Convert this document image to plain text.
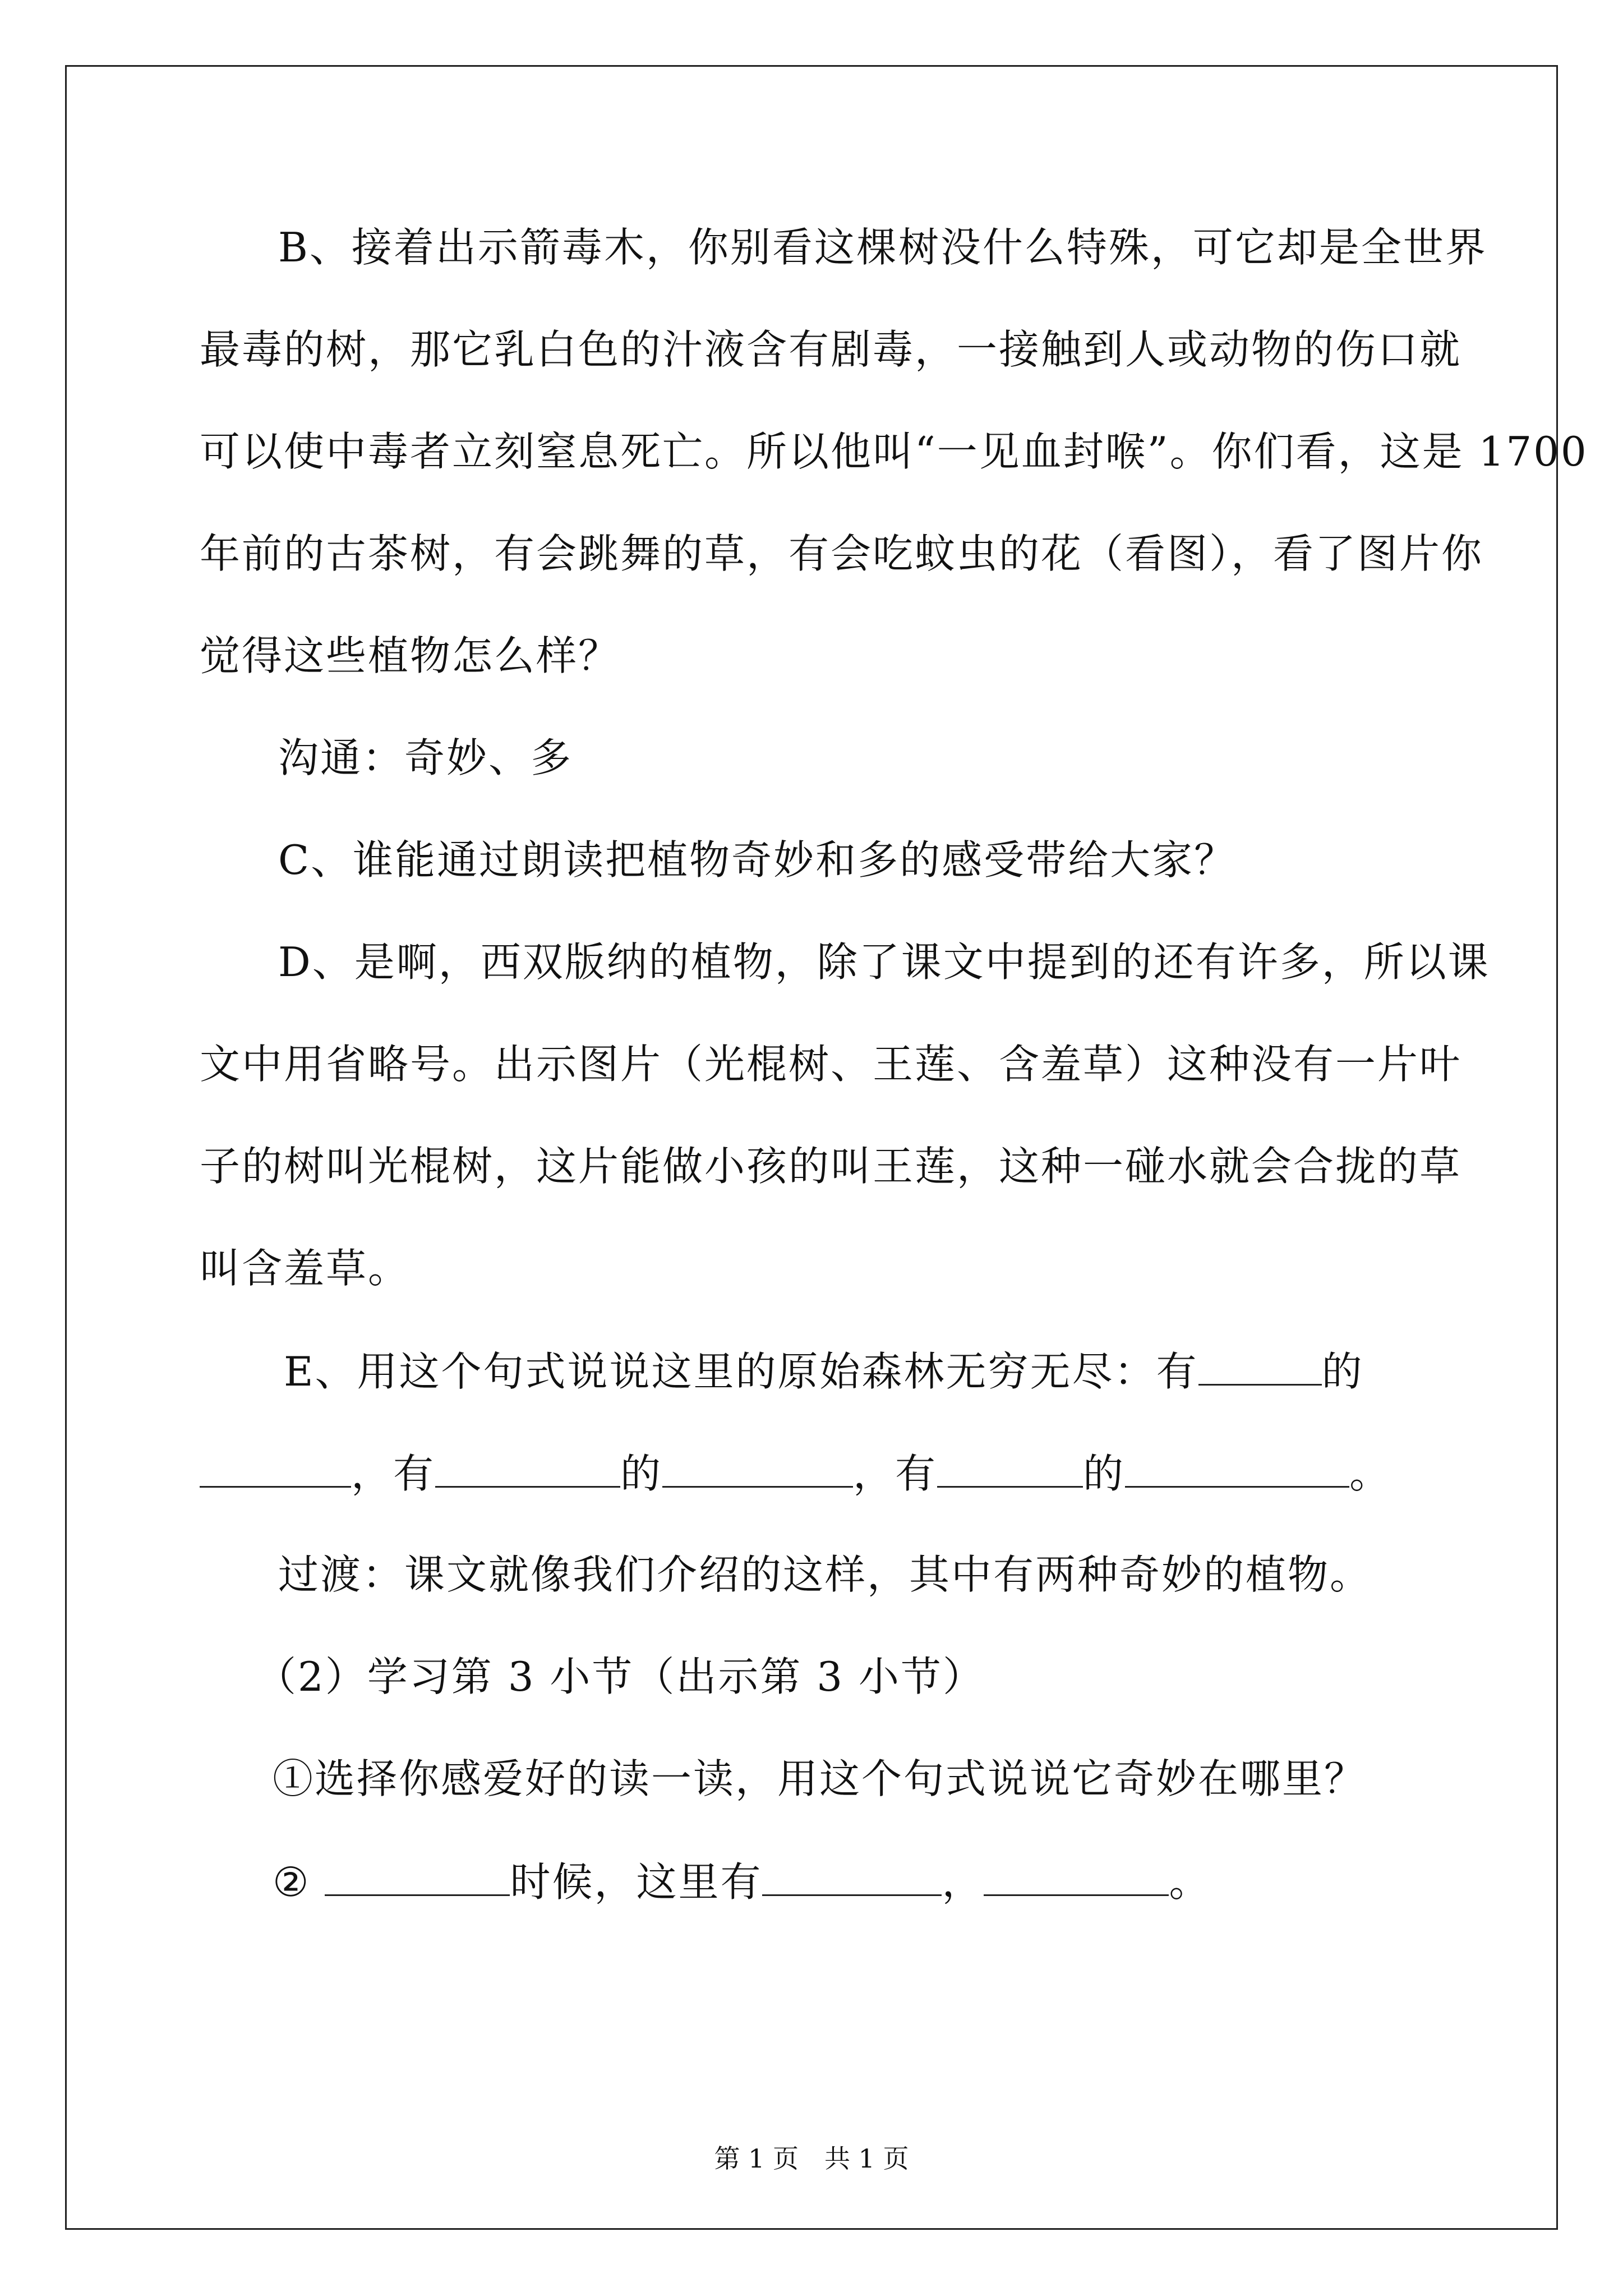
B、接着出示箭毒木，你别看这棵树没什么特殊，可它却是全世界
最毒的树，那它乳白色的汁液含有剧毒，一接触到人或动物的伤口就
可以使中毒者立刻窒息死亡。所以他叫“一见血封喉”。你们看，这是 1700
年前的古茶树，有会跳舞的草，有会吃蚊虫的花（看图），看了图片你
觉得这些植物怎么样？
沟通：奇妙、多
C、谁能通过朗读把植物奇妙和多的感受带给大家？
D、是啊，西双版纳的植物，除了课文中提到的还有许多，所以课
文中用省略号。出示图片（光棍树、王莲、含羞草）这种没有一片叶
子的树叫光棍树，这片能做小孩的叫王莲，这种一碰水就会合拢的草
叫含羞草。
E、用这个句式说说这里的原始森林无穷无尽：有	的
，有	的	，有	的	。
过渡：课文就像我们介绍的这样，其中有两种奇妙的植物。
（2）学习第 3 小节（出示第 3 小节）
①选择你感爱好的读一读，用这个句式说说它奇妙在哪里？
②	时候，这里有	，	。
第 1 页　共 1 页
